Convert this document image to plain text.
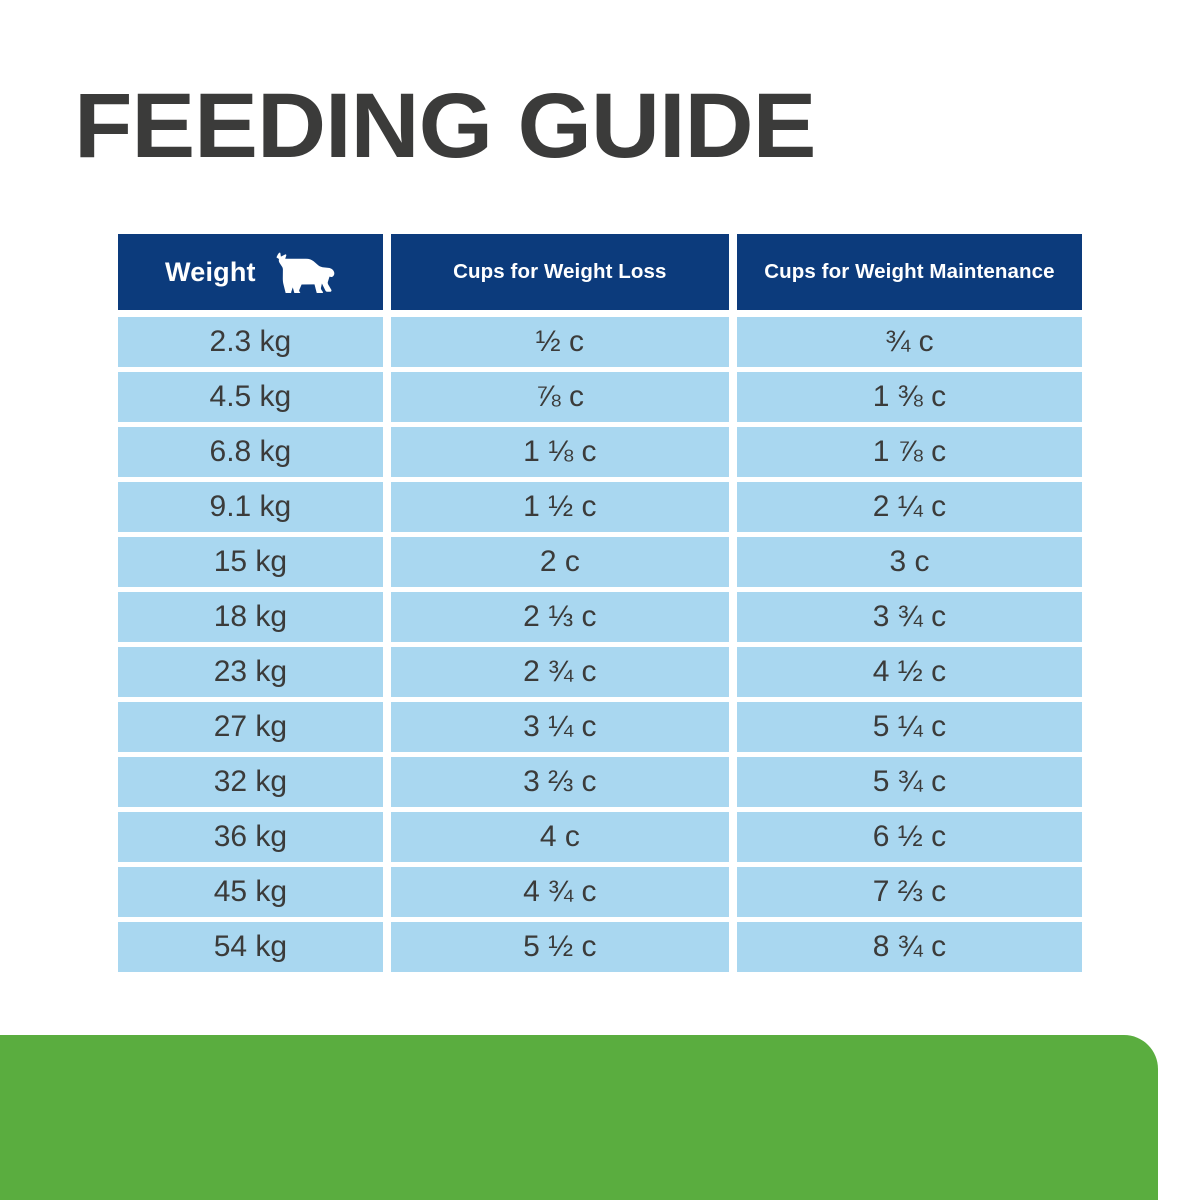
FEEDING GUIDE
Weight	Cups for Weight Loss	Cups for Weight Maintenance
2.3 kg	½ c	¾ c
4.5 kg	⅞ c	1 ⅜ c
6.8 kg	1 ⅛ c	1 ⅞ c
9.1 kg	1 ½ c	2 ¼ c
15 kg	2 c	3 c
18 kg	2 ⅓ c	3 ¾ c
23 kg	2 ¾ c	4 ½ c
27 kg	3 ¼ c	5 ¼ c
32 kg	3 ⅔ c	5 ¾ c
36 kg	4 c	6 ½ c
45 kg	4 ¾ c	7 ⅔ c
54 kg	5 ½ c	8 ¾ c
